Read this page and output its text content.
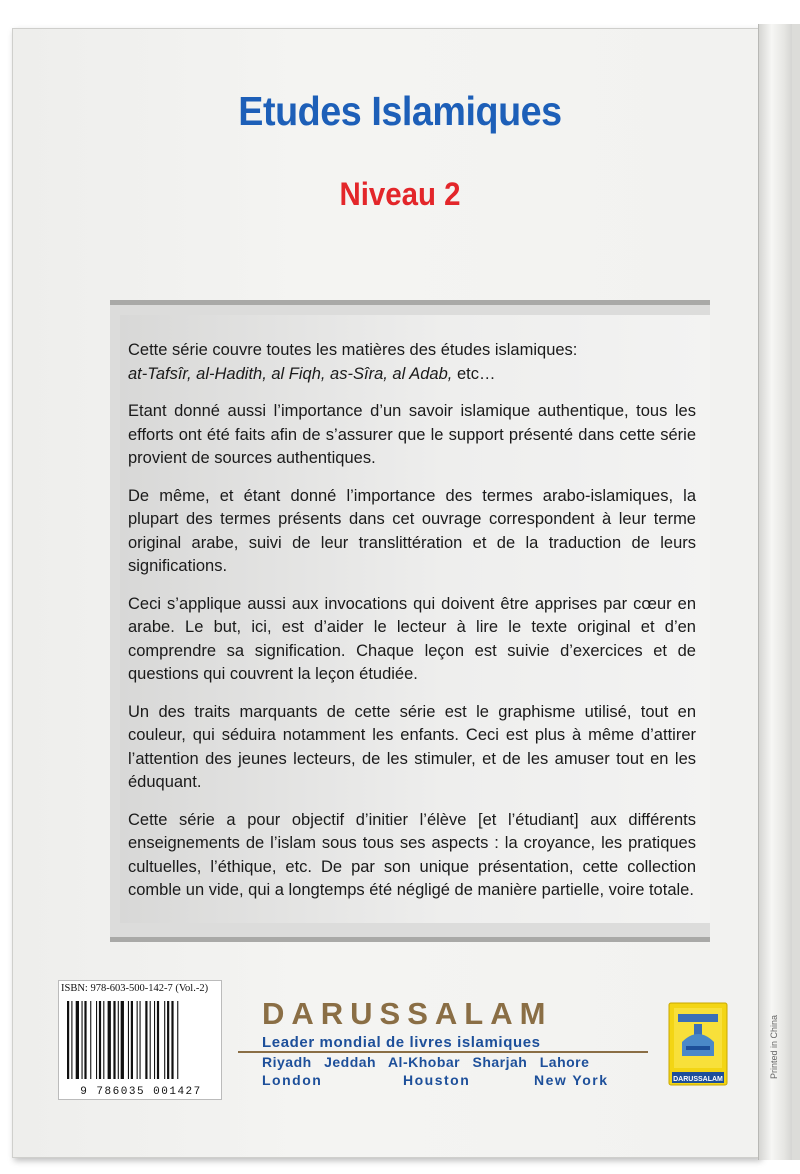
Etudes Islamiques
Niveau 2

Cette série couvre toutes les matières des études islamiques:
at-Tafsîr, al-Hadith, al Fiqh, as-Sîra, al Adab, etc…

Etant donné aussi l’importance d’un savoir islamique authentique, tous les efforts ont été faits afin de s’assurer que le support présenté dans cette série provient de sources authentiques.

De même, et étant donné l’importance des termes arabo-islamiques, la plupart des termes présents dans cet ouvrage correspondent à leur terme original arabe, suivi de leur translittération et de la traduction de leurs significations.

Ceci s’applique aussi aux invocations qui doivent être apprises par cœur en arabe. Le but, ici, est d’aider le lecteur à lire le texte original et d’en comprendre sa signification. Chaque leçon est suivie d’exercices et de questions qui couvrent la leçon étudiée.

Un des traits marquants de cette série est le graphisme utilisé, tout en couleur, qui séduira notamment les enfants. Ceci est plus à même d’attirer l’attention des jeunes lecteurs, de les stimuler, et de les amuser tout en les éduquant.

Cette série a pour objectif d’initier l’élève [et l’étudiant] aux différents enseignements de l’islam sous tous ses aspects : la croyance, les pratiques cultuelles, l’éthique, etc. De par son unique présentation, cette collection comble un vide, qui a longtemps été négligé de manière partielle, voire totale.

ISBN: 978-603-500-142-7 (Vol.-2)
9 786035 001427
DARUSSALAM
Leader mondial de livres islamiques
Riyadh Jeddah Al-Khobar Sharjah Lahore
London	Houston	New York	DARUSSALAM
Printed in China
